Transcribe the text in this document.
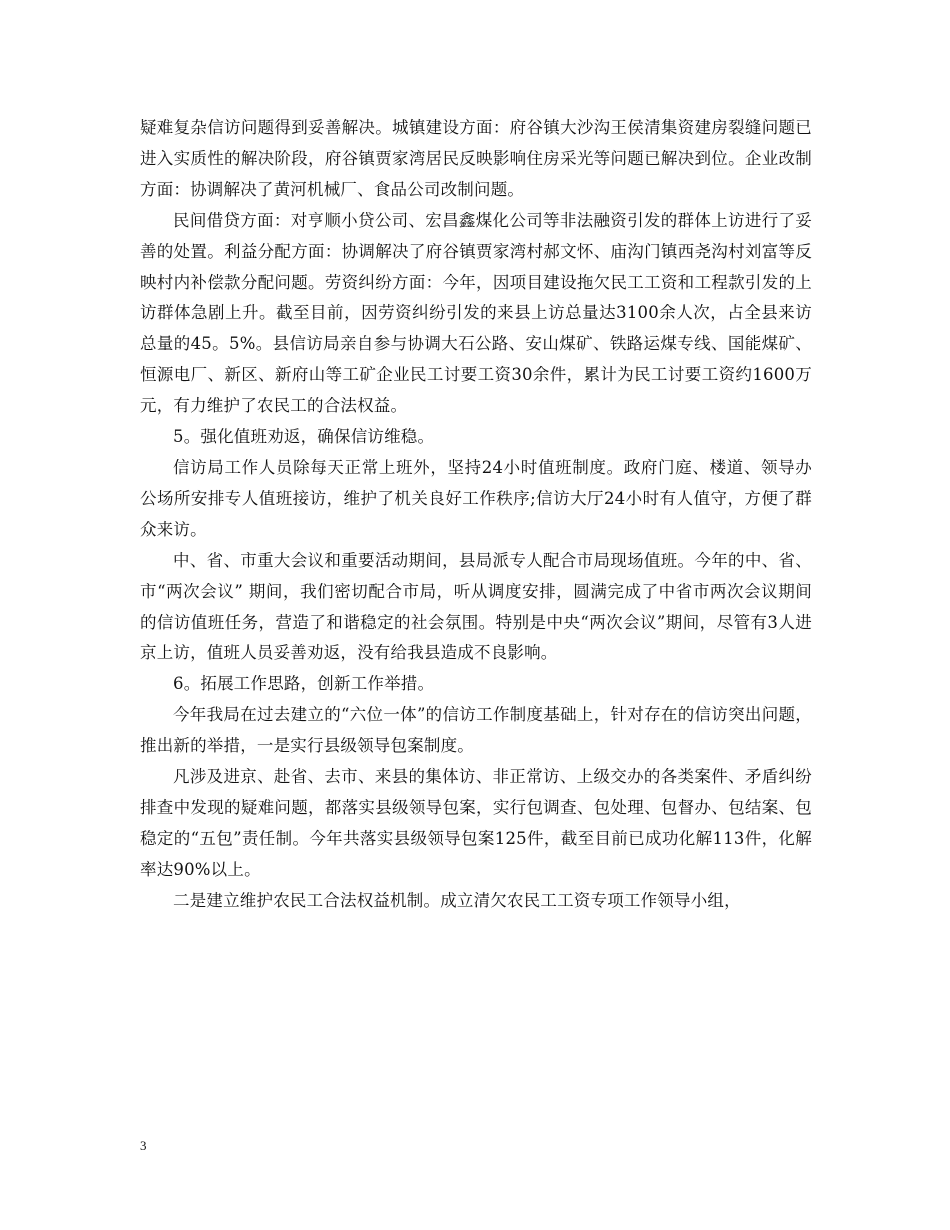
疑难复杂信访问题得到妥善解决。城镇建设方面：府谷镇大沙沟王侯清集资建房裂缝问题已进入实质性的解决阶段，府谷镇贾家湾居民反映影响住房采光等问题已解决到位。企业改制方面：协调解决了黄河机械厂、食品公司改制问题。

民间借贷方面：对亨顺小贷公司、宏昌鑫煤化公司等非法融资引发的群体上访进行了妥善的处置。利益分配方面：协调解决了府谷镇贾家湾村郝文怀、庙沟门镇西尧沟村刘富等反映村内补偿款分配问题。劳资纠纷方面：今年，因项目建设拖欠民工工资和工程款引发的上访群体急剧上升。截至目前，因劳资纠纷引发的来县上访总量达3100余人次，占全县来访总量的45。5%。县信访局亲自参与协调大石公路、安山煤矿、铁路运煤专线、国能煤矿、恒源电厂、新区、新府山等工矿企业民工讨要工资30余件，累计为民工讨要工资约1600万元，有力维护了农民工的合法权益。

5。强化值班劝返，确保信访维稳。

信访局工作人员除每天正常上班外，坚持24小时值班制度。政府门庭、楼道、领导办公场所安排专人值班接访，维护了机关良好工作秩序;信访大厅24小时有人值守，方便了群众来访。

中、省、市重大会议和重要活动期间，县局派专人配合市局现场值班。今年的中、省、市“两次会议” 期间，我们密切配合市局，听从调度安排，圆满完成了中省市两次会议期间的信访值班任务，营造了和谐稳定的社会氛围。特别是中央“两次会议”期间，尽管有3人进京上访，值班人员妥善劝返，没有给我县造成不良影响。

6。拓展工作思路，创新工作举措。

今年我局在过去建立的“六位一体”的信访工作制度基础上，针对存在的信访突出问题，推出新的举措，一是实行县级领导包案制度。

凡涉及进京、赴省、去市、来县的集体访、非正常访、上级交办的各类案件、矛盾纠纷排查中发现的疑难问题，都落实县级领导包案，实行包调查、包处理、包督办、包结案、包稳定的“五包”责任制。今年共落实县级领导包案125件，截至目前已成功化解113件，化解率达90%以上。

二是建立维护农民工合法权益机制。成立清欠农民工工资专项工作领导小组，

3
